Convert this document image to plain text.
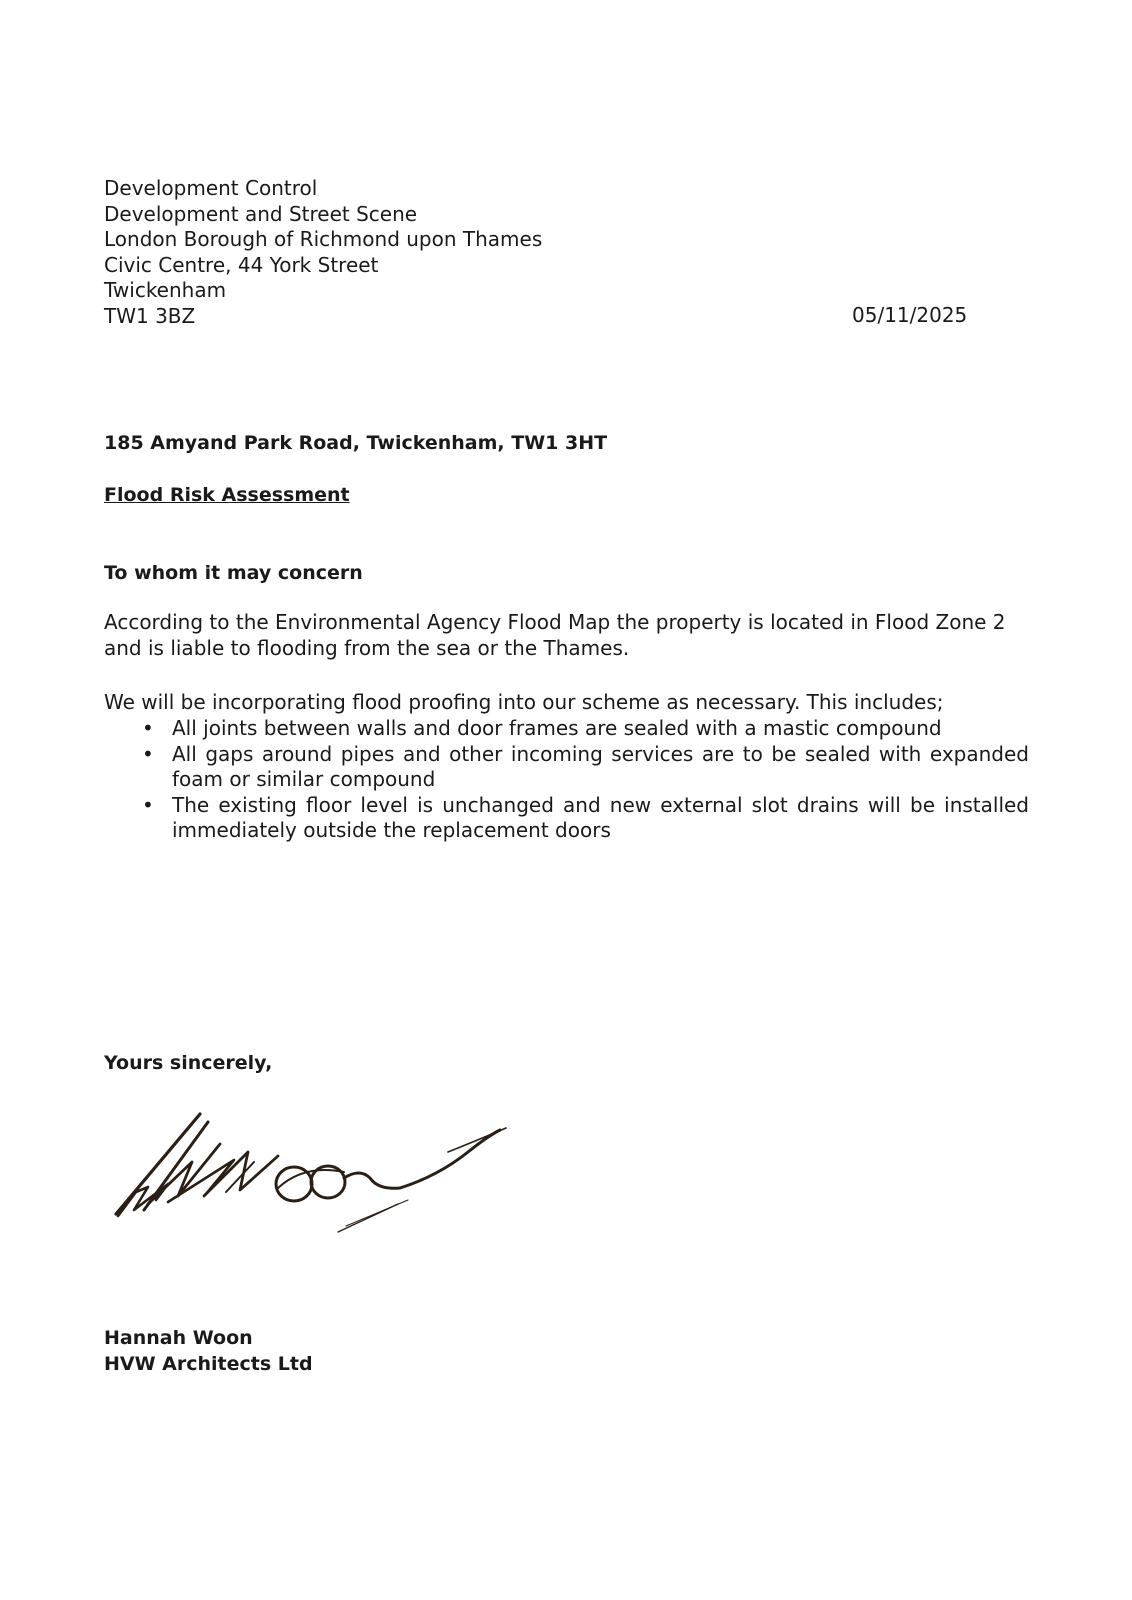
Development Control
Development and Street Scene
London Borough of Richmond upon Thames
Civic Centre, 44 York Street
Twickenham
TW1 3BZ	05/11/2025
185 Amyand Park Road, Twickenham, TW1 3HT
Flood Risk Assessment
To whom it may concern
According to the Environmental Agency Flood Map the property is located in Flood Zone 2 and is liable to flooding from the sea or the Thames.
We will be incorporating flood proofing into our scheme as necessary. This includes;
• All joints between walls and door frames are sealed with a mastic compound
• All gaps around pipes and other incoming services are to be sealed with expanded foam or similar compound
• The existing floor level is unchanged and new external slot drains will be installed immediately outside the replacement doors
Yours sincerely,
Hannah Woon
HVW Architects Ltd
